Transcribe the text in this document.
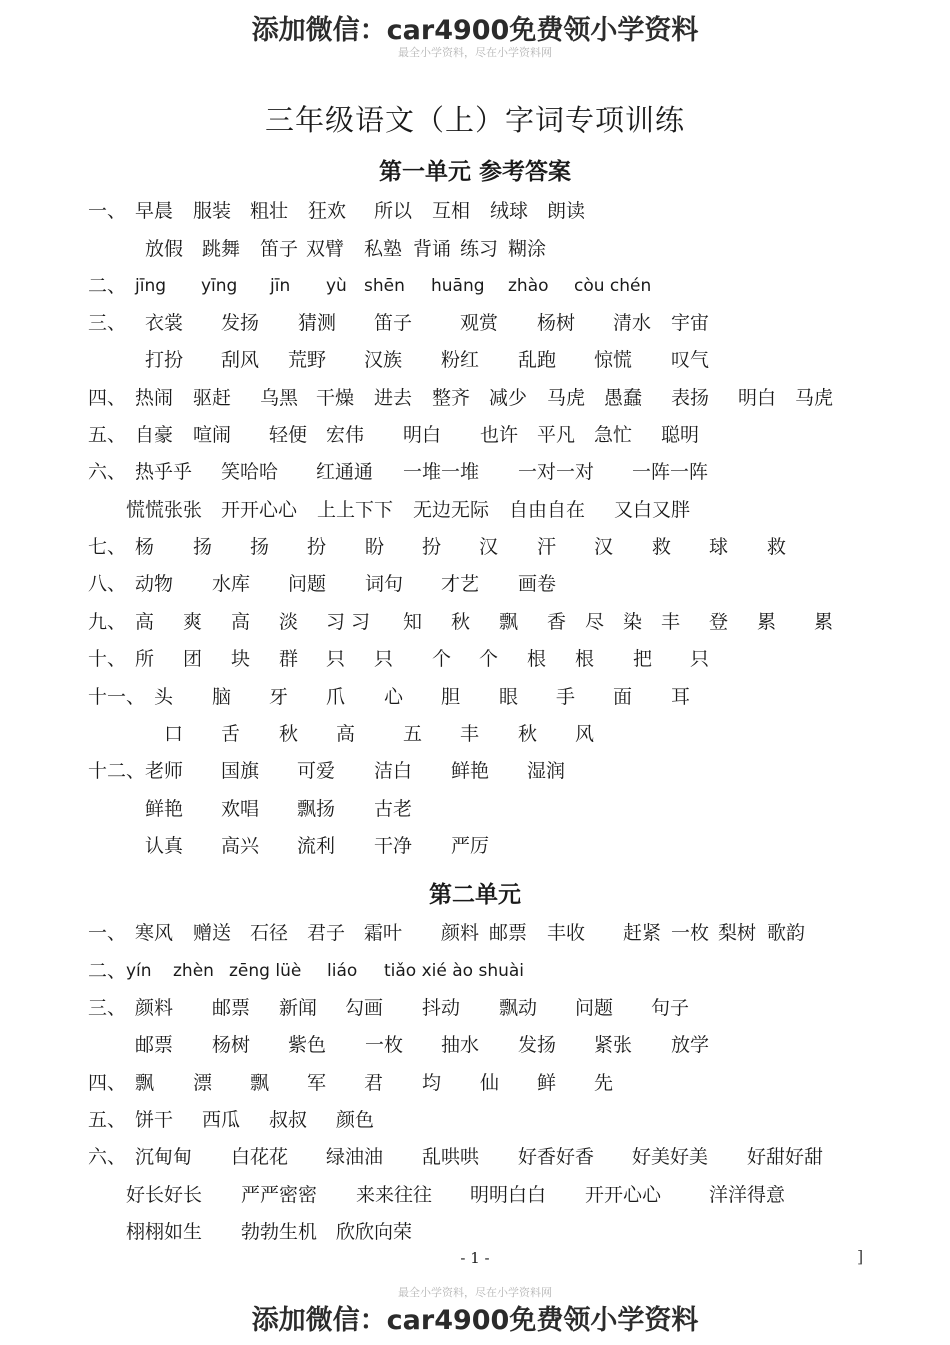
添加微信：car4900免费领小学资料
最全小学资料，尽在小学资料网
三年级语文（上）字词专项训练
第一单元 参考答案
一、 早晨 服装 粗壮 狂欢 所以 互相 绒球 朗读
放假 跳舞 笛子 双臂 私塾 背诵 练习 糊涂
二、 jīng yīng jīn yù shēn huāng zhào còu chén
三、 衣裳 发扬 猜测 笛子	观赏 杨树 清水 宇宙
打扮 刮风 荒野 汉族 粉红 乱跑 惊慌 叹气
四、 热闹 驱赶 乌黑 干燥 进去 整齐 减少 马虎 愚蠢 表扬 明白 马虎
五、 自豪 喧闹 轻便 宏伟 明白 也许 平凡 急忙 聪明
六、 热乎乎 笑哈哈 红通通 一堆一堆 一对一对 一阵一阵
慌慌张张 开开心心 上上下下 无边无际 自由自在 又白又胖
七、 杨 扬 扬 扮 盼 扮 汉 汗 汉 救 球 救
八、 动物 水库 问题 词句 才艺 画卷
九、 高 爽 高 淡 习 习 知 秋 飘 香 尽 染 丰 登 累 累
十、 所 团 块 群 只 只 个 个 根 根 把 只
十一、 头 脑 牙 爪 心 胆 眼 手 面 耳
口 舌 秋 高	五 丰 秋 风
十二、 老师 国旗 可爱 洁白 鲜艳 湿润
鲜艳 欢唱 飘扬 古老
认真 高兴 流利 干净 严厉
一、 寒风 赠送 石径 君子 霜叶 颜料 邮票 丰收 赶紧 一枚 梨树 歌韵
二、 yín zhèn zēng lüè liáo tiǎo xié ào shuài
三、 颜料 邮票 新闻 勾画 抖动 飘动 问题 句子
邮票 杨树 紫色 一枚 抽水 发扬 紧张 放学
四、 飘 漂 飘 军 君 均 仙 鲜 先
五、 饼干 西瓜 叔叔 颜色
六、 沉甸甸 白花花 绿油油 乱哄哄 好香好香 好美好美 好甜好甜
好长好长 严严密密 来来往往 明明白白 开开心心	洋洋得意
栩栩如生 勃勃生机 欣欣向荣
第二单元
- 1 -	]
最全小学资料，尽在小学资料网
添加微信：car4900免费领小学资料
